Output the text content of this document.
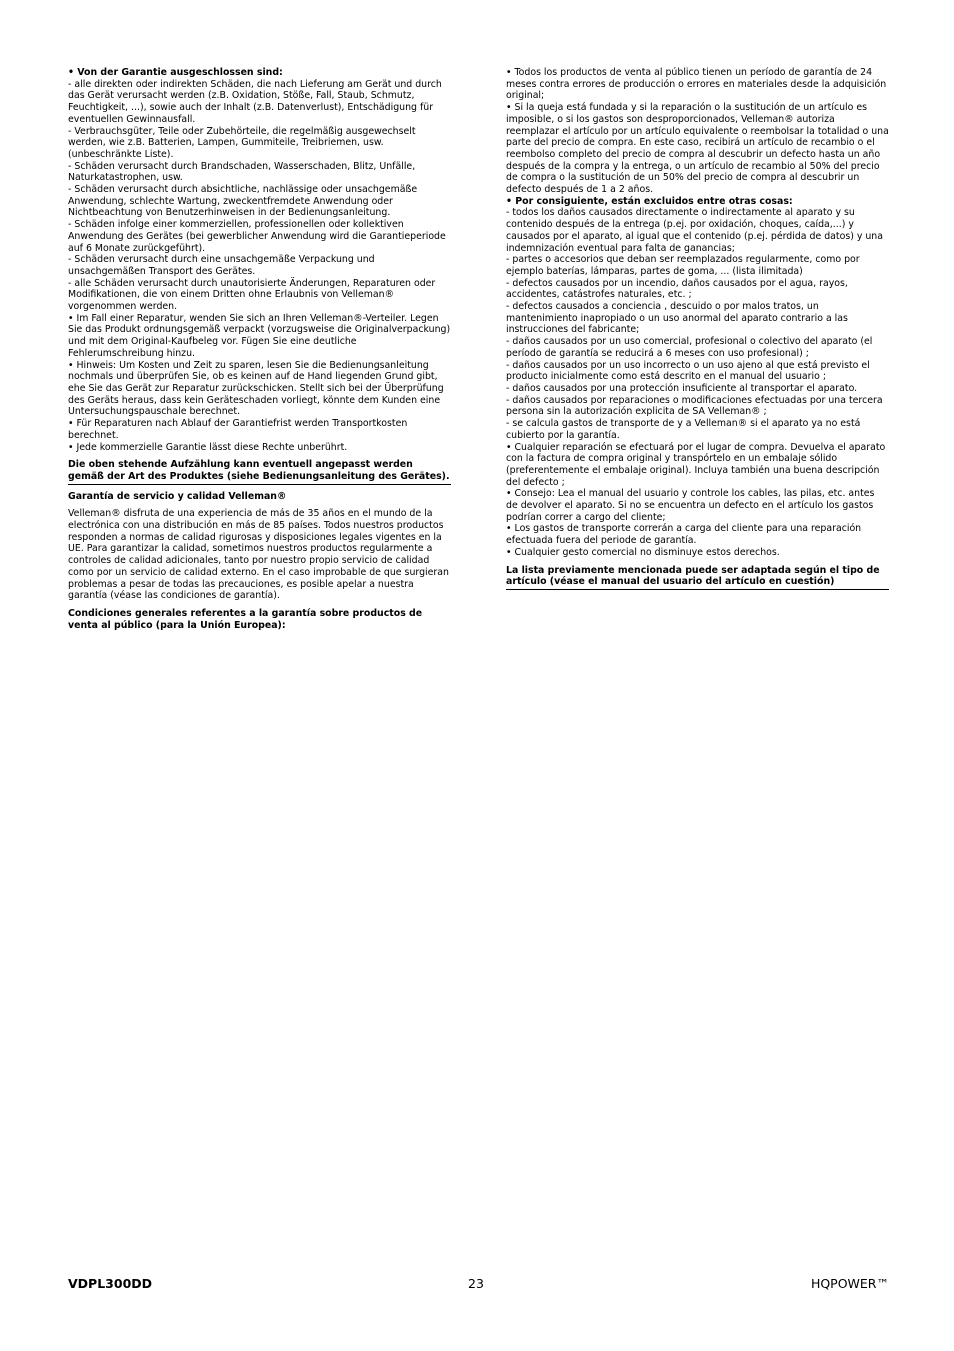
• Von der Garantie ausgeschlossen sind:

- alle direkten oder indirekten Schäden, die nach Lieferung am Gerät und durch das Gerät verursacht werden (z.B. Oxidation, Stöße, Fall, Staub, Schmutz, Feuchtigkeit, ...), sowie auch der Inhalt (z.B. Datenverlust), Entschädigung für eventuellen Gewinnausfall.

- Verbrauchsgüter, Teile oder Zubehörteile, die regelmäßig ausgewechselt werden, wie z.B. Batterien, Lampen, Gummiteile, Treibriemen, usw. (unbeschränkte Liste).

- Schäden verursacht durch Brandschaden, Wasserschaden, Blitz, Unfälle, Naturkatastrophen, usw.

- Schäden verursacht durch absichtliche, nachlässige oder unsachgemäße Anwendung, schlechte Wartung, zweckentfremdete Anwendung oder Nichtbeachtung von Benutzerhinweisen in der Bedienungsanleitung.

- Schäden infolge einer kommerziellen, professionellen oder kollektiven Anwendung des Gerätes (bei gewerblicher Anwendung wird die Garantieperiode auf 6 Monate zurückgeführt).

- Schäden verursacht durch eine unsachgemäße Verpackung und unsachgemäßen Transport des Gerätes.

- alle Schäden verursacht durch unautorisierte Änderungen, Reparaturen oder Modifikationen, die von einem Dritten ohne Erlaubnis von Velleman® vorgenommen werden.

• Im Fall einer Reparatur, wenden Sie sich an Ihren Velleman®-Verteiler. Legen Sie das Produkt ordnungsgemäß verpackt (vorzugsweise die Originalverpackung) und mit dem Original-Kaufbeleg vor. Fügen Sie eine deutliche Fehlerumschreibung hinzu.

• Hinweis: Um Kosten und Zeit zu sparen, lesen Sie die Bedienungsanleitung nochmals und überprüfen Sie, ob es keinen auf de Hand liegenden Grund gibt, ehe Sie das Gerät zur Reparatur zurückschicken. Stellt sich bei der Überprüfung des Geräts heraus, dass kein Geräteschaden vorliegt, könnte dem Kunden eine Untersuchungspauschale berechnet.

• Für Reparaturen nach Ablauf der Garantiefrist werden Transportkosten berechnet.

• Jede kommerzielle Garantie lässt diese Rechte unberührt.

Die oben stehende Aufzählung kann eventuell angepasst werden gemäß der Art des Produktes (siehe Bedienungsanleitung des Gerätes).

Garantía de servicio y calidad Velleman®

Velleman® disfruta de una experiencia de más de 35 años en el mundo de la electrónica con una distribución en más de 85 países. Todos nuestros productos responden a normas de calidad rigurosas y disposiciones legales vigentes en la UE. Para garantizar la calidad, sometimos nuestros productos regularmente a controles de calidad adicionales, tanto por nuestro propio servicio de calidad como por un servicio de calidad externo. En el caso improbable de que surgieran problemas a pesar de todas las precauciones, es posible apelar a nuestra garantía (véase las condiciones de garantía).

Condiciones generales referentes a la garantía sobre productos de venta al público (para la Unión Europea):

• Todos los productos de venta al público tienen un período de garantía de 24 meses contra errores de producción o errores en materiales desde la adquisición original;

• Si la queja está fundada y si la reparación o la sustitución de un artículo es imposible, o si los gastos son desproporcionados, Velleman® autoriza reemplazar el artículo por un artículo equivalente o reembolsar la totalidad o una parte del precio de compra. En este caso, recibirá un artículo de recambio o el reembolso completo del precio de compra al descubrir un defecto hasta un año después de la compra y la entrega, o un artículo de recambio al 50% del precio de compra o la sustitución de un 50% del precio de compra al descubrir un defecto después de 1 a 2 años.

• Por consiguiente, están excluidos entre otras cosas:

- todos los daños causados directamente o indirectamente al aparato y su contenido después de la entrega (p.ej. por oxidación, choques, caída,...) y causados por el aparato, al igual que el contenido (p.ej. pérdida de datos) y una indemnización eventual para falta de ganancias;

- partes o accesorios que deban ser reemplazados regularmente, como por ejemplo baterías, lámparas, partes de goma, ... (lista ilimitada)

- defectos causados por un incendio, daños causados por el agua, rayos, accidentes, catástrofes naturales, etc. ;

- defectos causados a conciencia , descuido o por malos tratos, un mantenimiento inapropiado o un uso anormal del aparato contrario a las instrucciones del fabricante;

- daños causados por un uso comercial, profesional o colectivo del aparato (el período de garantía se reducirá a 6 meses con uso profesional) ;

- daños causados por un uso incorrecto o un uso ajeno al que está previsto el producto inicialmente como está descrito en el manual del usuario ;

- daños causados por una protección insuficiente al transportar el aparato.

- daños causados por reparaciones o modificaciones efectuadas por una tercera persona sin la autorización explicita de SA Velleman® ;

- se calcula gastos de transporte de y a Velleman® si el aparato ya no está cubierto por la garantía.

• Cualquier reparación se efectuará por el lugar de compra. Devuelva el aparato con la factura de compra original y transpórtelo en un embalaje sólido (preferentemente el embalaje original). Incluya también una buena descripción del defecto ;

• Consejo: Lea el manual del usuario y controle los cables, las pilas, etc. antes de devolver el aparato. Si no se encuentra un defecto en el artículo los gastos podrían correr a cargo del cliente;

• Los gastos de transporte correrán a carga del cliente para una reparación efectuada fuera del periode de garantía.

• Cualquier gesto comercial no disminuye estos derechos.

La lista previamente mencionada puede ser adaptada según el tipo de artículo (véase el manual del usuario del artículo en cuestión)

VDPL300DD	23	HQPOWER™
